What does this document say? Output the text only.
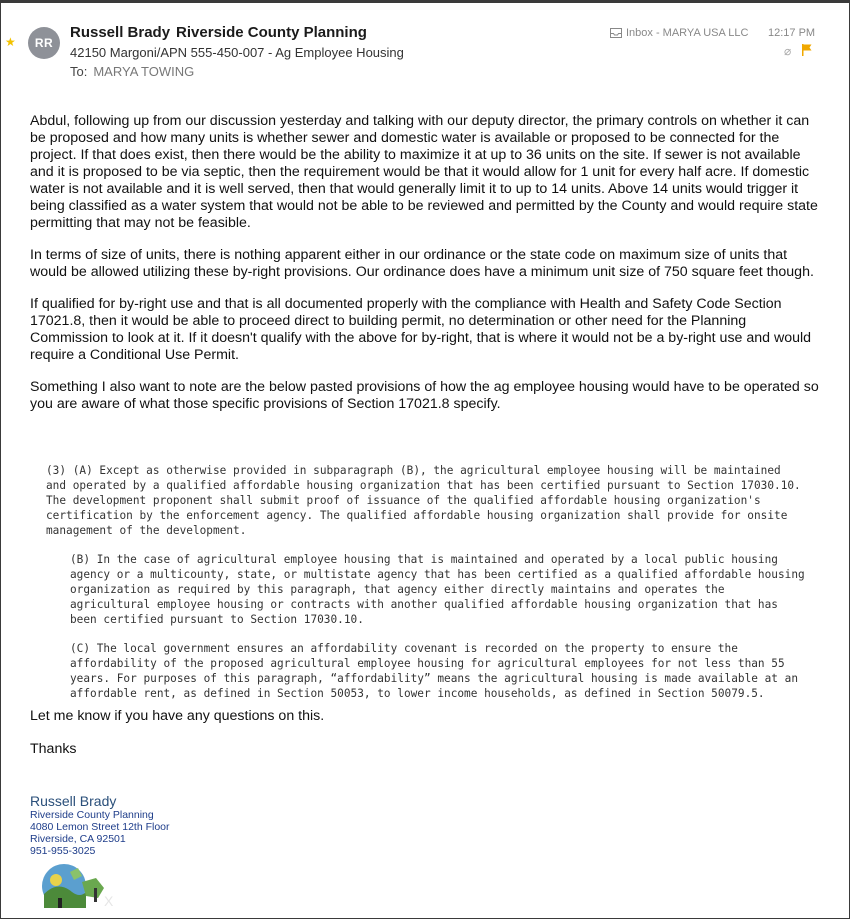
★ RR
Russell Brady Riverside County Planning
42150 Margoni/APN 555-450-007 - Ag Employee Housing
To: MARYA TOWING
Inbox - MARYA USA LLC 12:17 PM
⌀

Abdul, following up from our discussion yesterday and talking with our deputy director, the primary controls on whether it can be proposed and how many units is whether sewer and domestic water is available or proposed to be connected for the project. If that does exist, then there would be the ability to maximize it at up to 36 units on the site. If sewer is not available and it is proposed to be via septic, then the requirement would be that it would allow for 1 unit for every half acre. If domestic water is not available and it is well served, then that would generally limit it to up to 14 units. Above 14 units would trigger it being classified as a water system that would not be able to be reviewed and permitted by the County and would require state permitting that may not be feasible.

In terms of size of units, there is nothing apparent either in our ordinance or the state code on maximum size of units that would be allowed utilizing these by-right provisions. Our ordinance does have a minimum unit size of 750 square feet though.

If qualified for by-right use and that is all documented properly with the compliance with Health and Safety Code Section 17021.8, then it would be able to proceed direct to building permit, no determination or other need for the Planning Commission to look at it. If it doesn't qualify with the above for by-right, that is where it would not be a by-right use and would require a Conditional Use Permit.

Something I also want to note are the below pasted provisions of how the ag employee housing would have to be operated so you are aware of what those specific provisions of Section 17021.8 specify.

(3) (A) Except as otherwise provided in subparagraph (B), the agricultural employee housing will be maintained and operated by a qualified affordable housing organization that has been certified pursuant to Section 17030.10. The development proponent shall submit proof of issuance of the qualified affordable housing organization's certification by the enforcement agency. The qualified affordable housing organization shall provide for onsite management of the development.

(B) In the case of agricultural employee housing that is maintained and operated by a local public housing agency or a multicounty, state, or multistate agency that has been certified as a qualified affordable housing organization as required by this paragraph, that agency either directly maintains and operates the agricultural employee housing or contracts with another qualified affordable housing organization that has been certified pursuant to Section 17030.10.

(C) The local government ensures an affordability covenant is recorded on the property to ensure the affordability of the proposed agricultural employee housing for agricultural employees for not less than 55 years. For purposes of this paragraph, “affordability” means the agricultural housing is made available at an affordable rent, as defined in Section 50053, to lower income households, as defined in Section 50079.5.

Let me know if you have any questions on this.
Thanks
Russell Brady
Riverside County Planning
4080 Lemon Street 12th Floor
Riverside, CA 92501
951-955-3025
X
